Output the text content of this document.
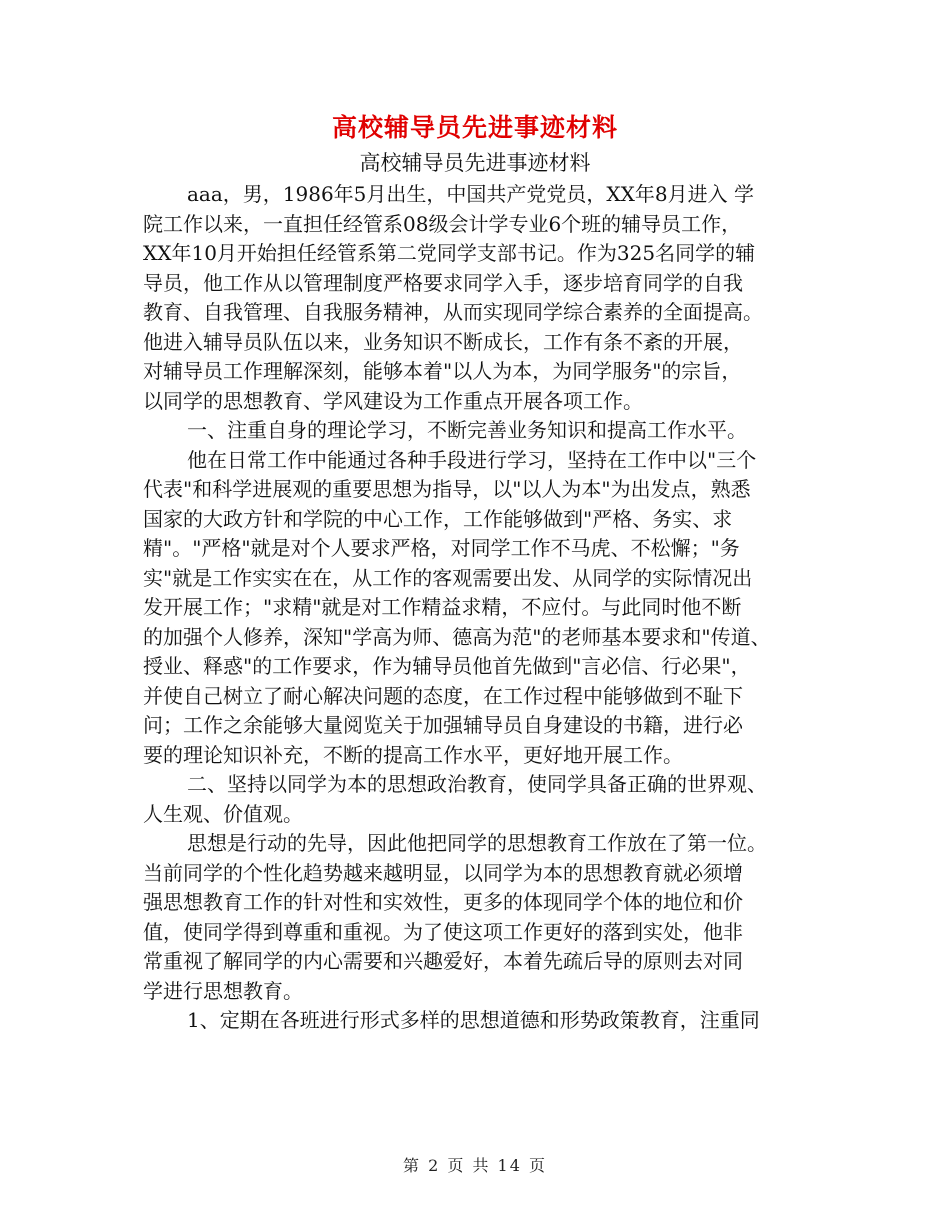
高校辅导员先进事迹材料
高校辅导员先进事迹材料
aaa，男，1986年5月出生，中国共产党党员，XX年8月进入 学
院工作以来，一直担任经管系08级会计学专业6个班的辅导员工作，
XX年10月开始担任经管系第二党同学支部书记。作为325名同学的辅
导员，他工作从以管理制度严格要求同学入手，逐步培育同学的自我
教育、自我管理、自我服务精神，从而实现同学综合素养的全面提高。
他进入辅导员队伍以来，业务知识不断成长，工作有条不紊的开展，
对辅导员工作理解深刻，能够本着"以人为本，为同学服务"的宗旨，
以同学的思想教育、学风建设为工作重点开展各项工作。
一、注重自身的理论学习，不断完善业务知识和提高工作水平。
他在日常工作中能通过各种手段进行学习，坚持在工作中以"三个
代表"和科学进展观的重要思想为指导，以"以人为本"为出发点，熟悉
国家的大政方针和学院的中心工作，工作能够做到"严格、务实、求
精"。"严格"就是对个人要求严格，对同学工作不马虎、不松懈；"务
实"就是工作实实在在，从工作的客观需要出发、从同学的实际情况出
发开展工作；"求精"就是对工作精益求精，不应付。与此同时他不断
的加强个人修养，深知"学高为师、德高为范"的老师基本要求和"传道、
授业、释惑"的工作要求，作为辅导员他首先做到"言必信、行必果"，
并使自己树立了耐心解决问题的态度，在工作过程中能够做到不耻下
问；工作之余能够大量阅览关于加强辅导员自身建设的书籍，进行必
要的理论知识补充，不断的提高工作水平，更好地开展工作。
二、坚持以同学为本的思想政治教育，使同学具备正确的世界观、
人生观、价值观。
思想是行动的先导，因此他把同学的思想教育工作放在了第一位。
当前同学的个性化趋势越来越明显，以同学为本的思想教育就必须增
强思想教育工作的针对性和实效性，更多的体现同学个体的地位和价
值，使同学得到尊重和重视。为了使这项工作更好的落到实处，他非
常重视了解同学的内心需要和兴趣爱好，本着先疏后导的原则去对同
学进行思想教育。
1、定期在各班进行形式多样的思想道德和形势政策教育，注重同
第 2 页 共 14 页
